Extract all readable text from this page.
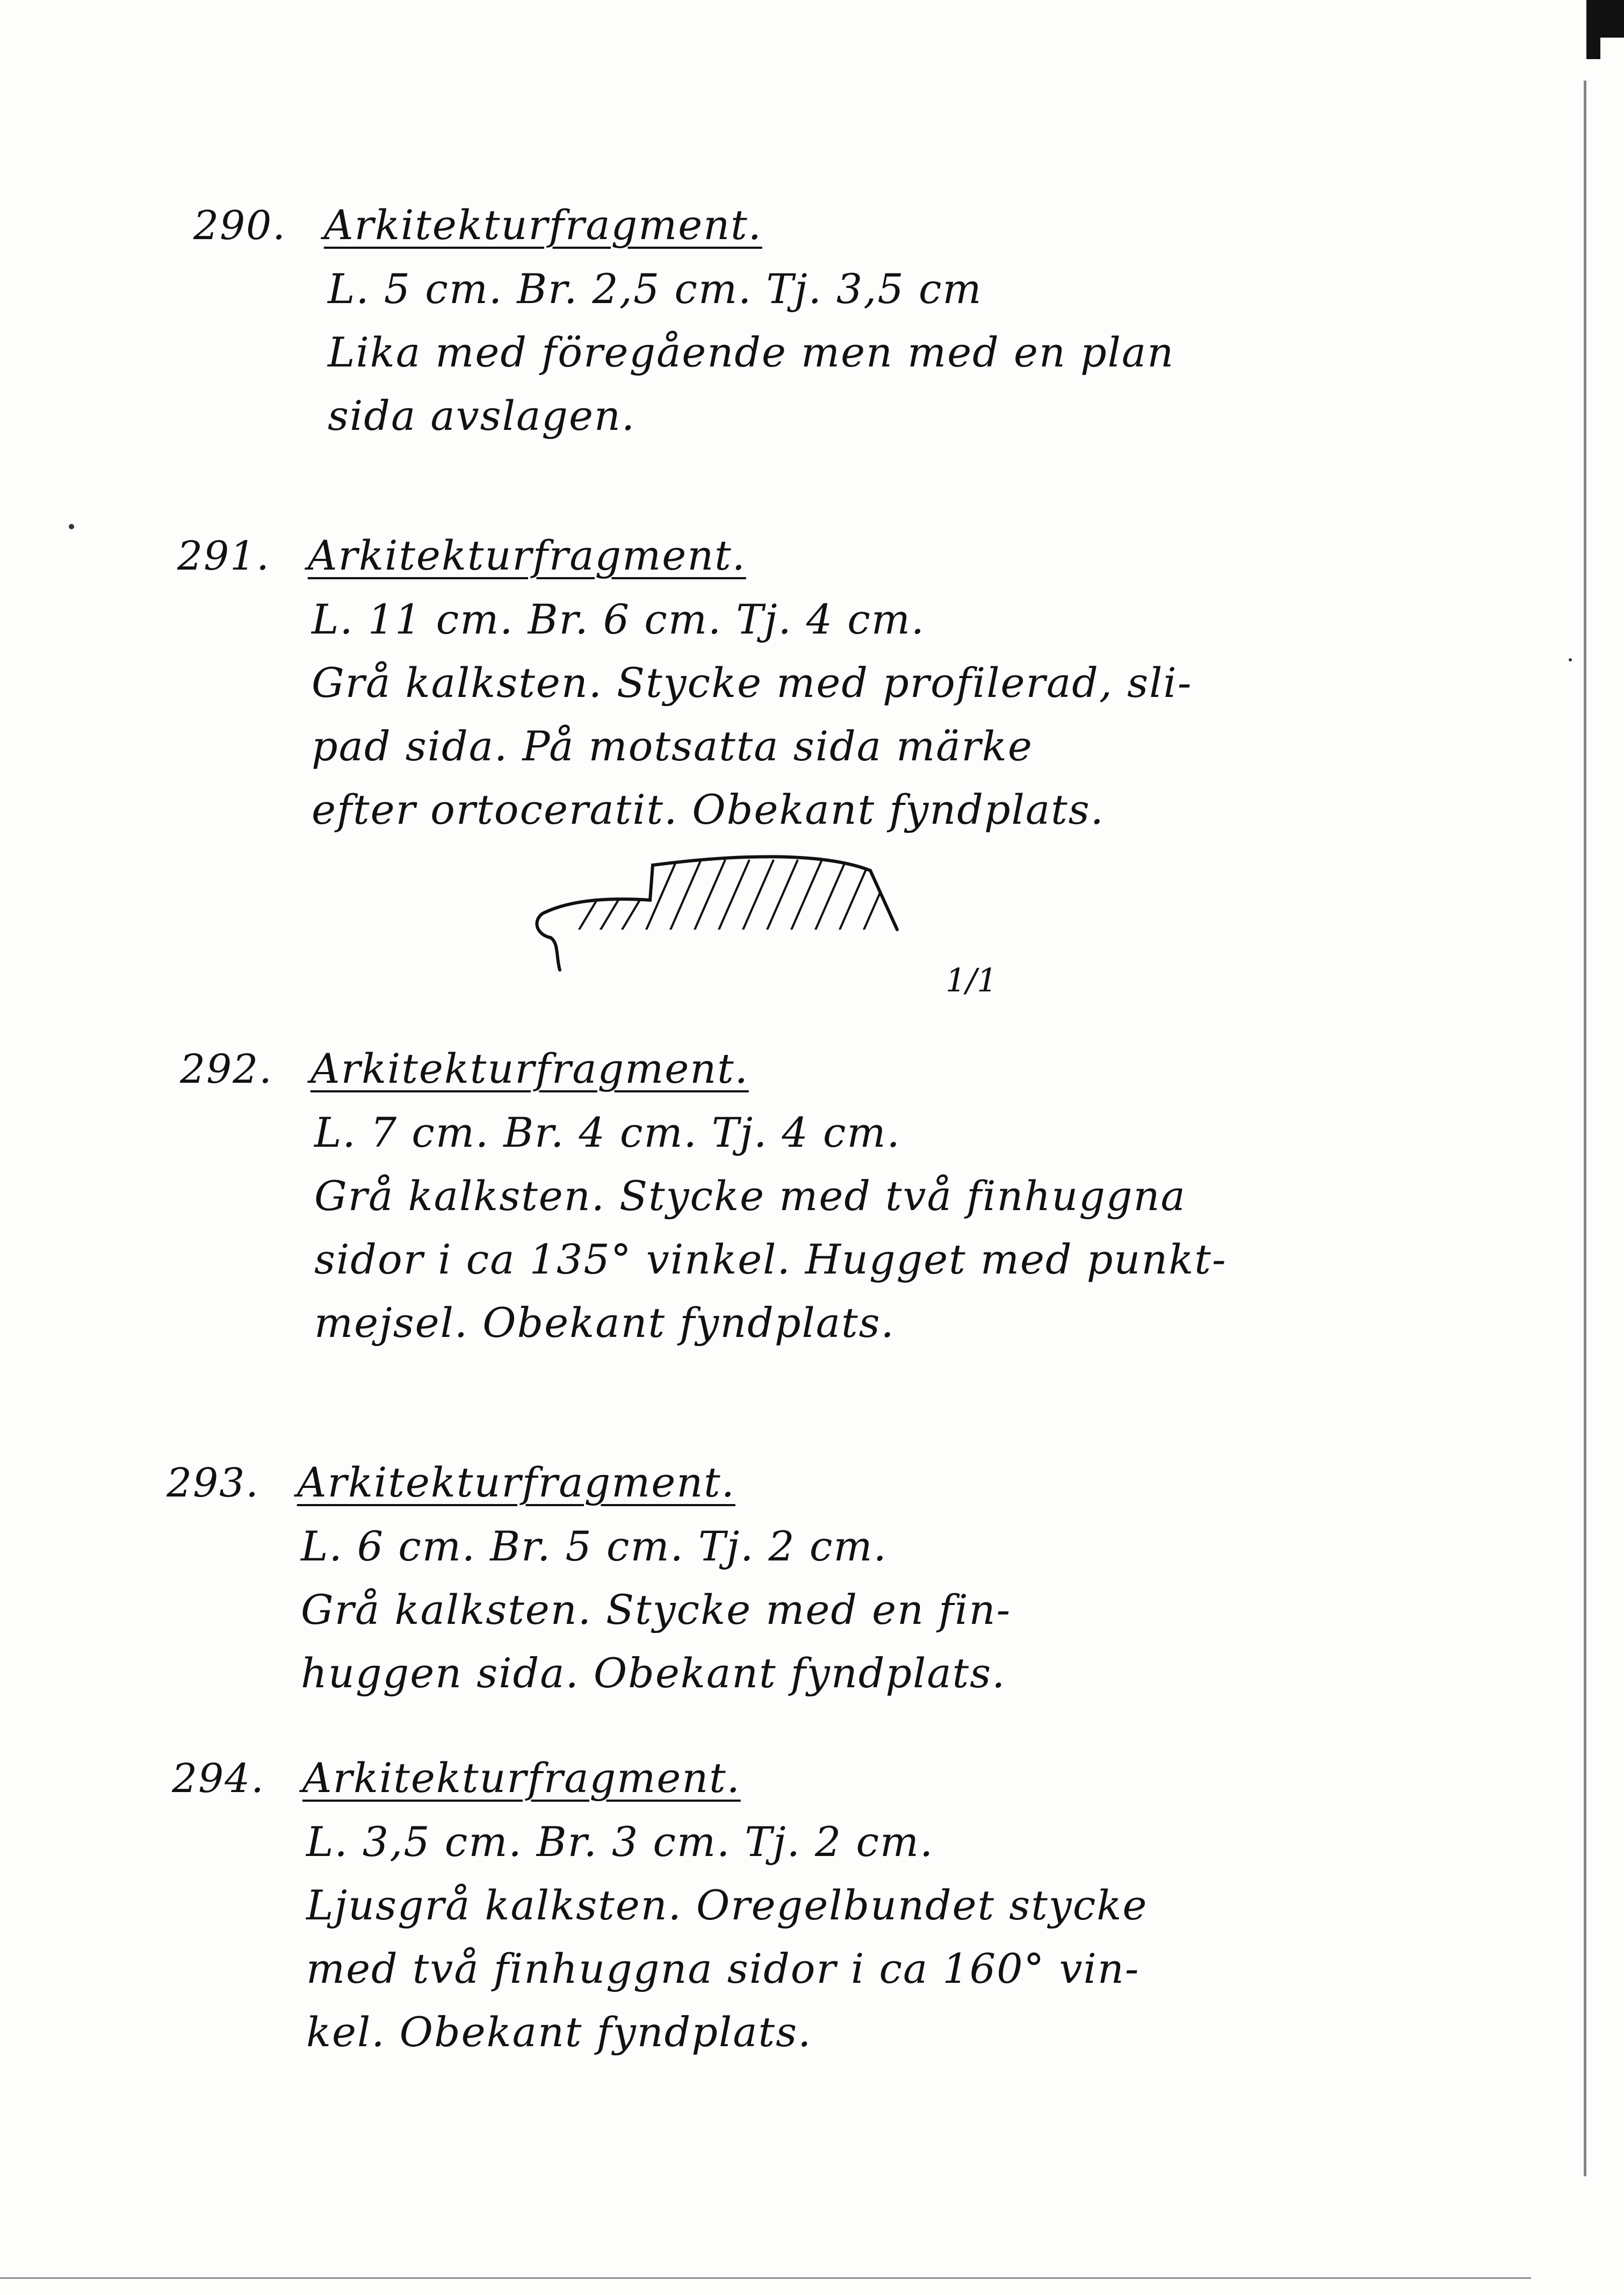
290. Arkitekturfragment.

L. 5 cm. Br. 2,5 cm. Tj. 3,5 cm

Lika med föregående men med en plan

sida avslagen.

291. Arkitekturfragment.

L. 11 cm. Br. 6 cm. Tj. 4 cm.

Grå kalksten. Stycke med profilerad, sli-

pad sida. På motsatta sida märke

efter ortoceratit. Obekant fyndplats.

1/1
292. Arkitekturfragment.

L. 7 cm. Br. 4 cm. Tj. 4 cm.

Grå kalksten. Stycke med två finhuggna

sidor i ca 135° vinkel. Hugget med punkt-

mejsel. Obekant fyndplats.

293. Arkitekturfragment.

L. 6 cm. Br. 5 cm. Tj. 2 cm.

Grå kalksten. Stycke med en fin-

huggen sida. Obekant fyndplats.

294. Arkitekturfragment.

L. 3,5 cm. Br. 3 cm. Tj. 2 cm.

Ljusgrå kalksten. Oregelbundet stycke

med två finhuggna sidor i ca 160° vin-

kel. Obekant fyndplats.
